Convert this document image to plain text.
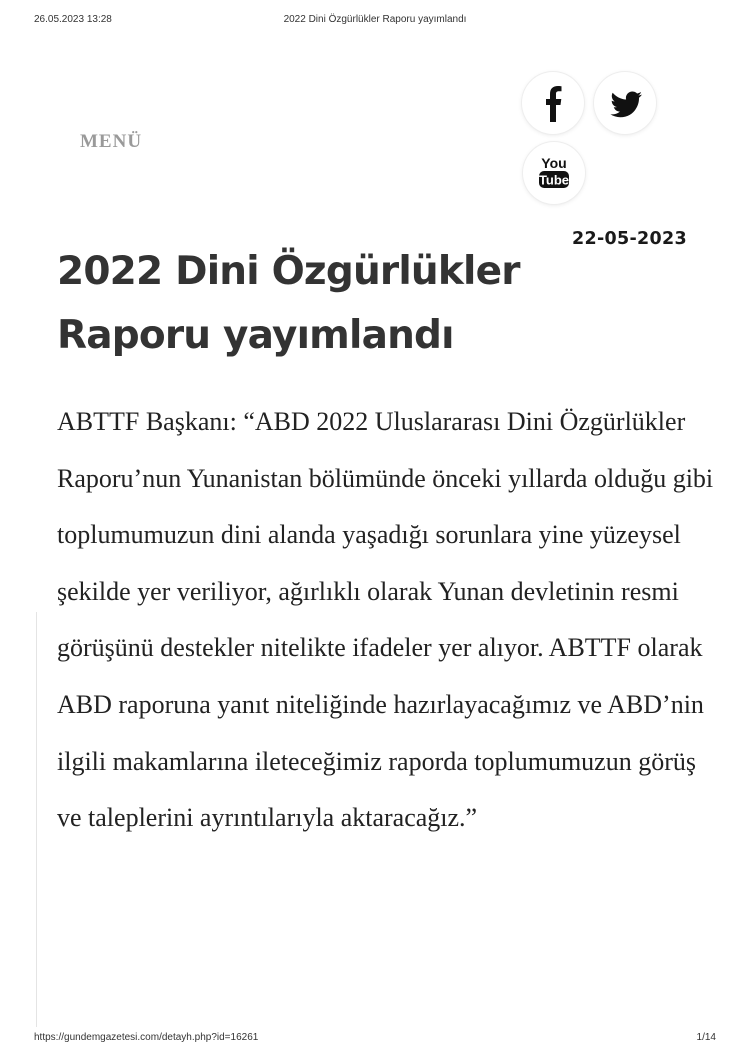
26.05.2023 13:28	2022 Dini Özgürlükler Raporu yayımlandı
MENÜ
You
Tube
22-05-2023
2022 Dini Özgürlükler Raporu yayımlandı

ABTTF Başkanı: “ABD 2022 Uluslararası Dini Özgürlükler Raporu’nun Yunanistan bölümünde önceki yıllarda olduğu gibi toplumumuzun dini alanda yaşadığı sorunlara yine yüzeysel şekilde yer veriliyor, ağırlıklı olarak Yunan devletinin resmi görüşünü destekler nitelikte ifadeler yer alıyor. ABTTF olarak ABD raporuna yanıt niteliğinde hazırlayacağımız ve ABD’nin ilgili makamlarına ileteceğimiz raporda toplumumuzun görüş ve taleplerini ayrıntılarıyla aktaracağız.”

https://gundemgazetesi.com/detayh.php?id=16261	1/14
